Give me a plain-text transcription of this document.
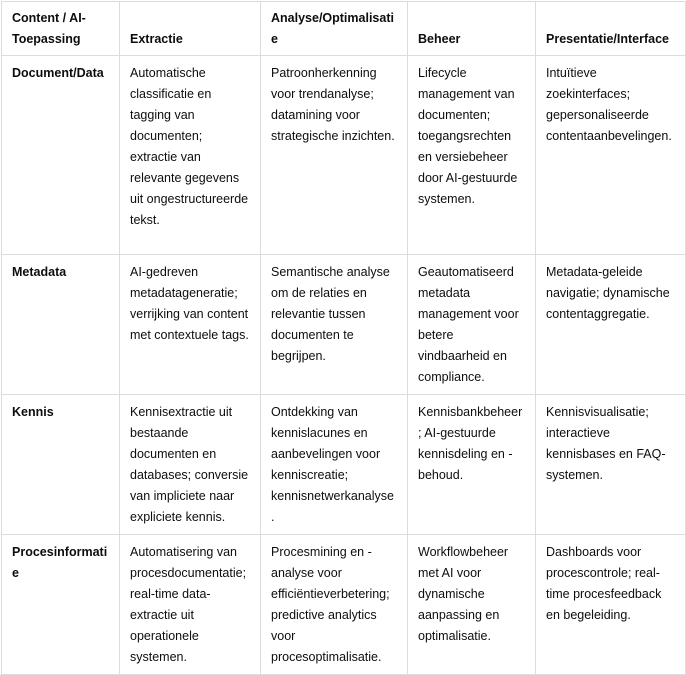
Content / AI-Toepassing	Extractie	Analyse/Optimalisatie	Beheer	Presentatie/Interface
Document/Data	Automatische classificatie en tagging van documenten; extractie van relevante gegevens uit ongestructureerde tekst.	Patroonherkenning voor trendanalyse; datamining voor strategische inzichten.	Lifecycle management van documenten; toegangsrechten en versiebeheer door AI-gestuurde systemen.	Intuïtieve zoekinterfaces; gepersonaliseerde contentaanbevelingen.
Metadata	AI-gedreven metadatageneratie; verrijking van content met contextuele tags.	Semantische analyse om de relaties en relevantie tussen documenten te begrijpen.	Geautomatiseerd metadata management voor betere vindbaarheid en compliance.	Metadata-geleide navigatie; dynamische contentaggregatie.
Kennis	Kennisextractie uit bestaande documenten en databases; conversie van impliciete naar expliciete kennis.	Ontdekking van kennislacunes en aanbevelingen voor kenniscreatie; kennisnetwerkanalyse.	Kennisbankbeheer; AI-gestuurde kennisdeling en -behoud.	Kennisvisualisatie; interactieve kennisbases en FAQ-systemen.
Procesinformatie	Automatisering van procesdocumentatie; real-time data-extractie uit operationele systemen.	Procesmining en -analyse voor efficiëntieverbetering; predictive analytics voor procesoptimalisatie.	Workflowbeheer met AI voor dynamische aanpassing en optimalisatie.	Dashboards voor procescontrole; real-time procesfeedback en begeleiding.
